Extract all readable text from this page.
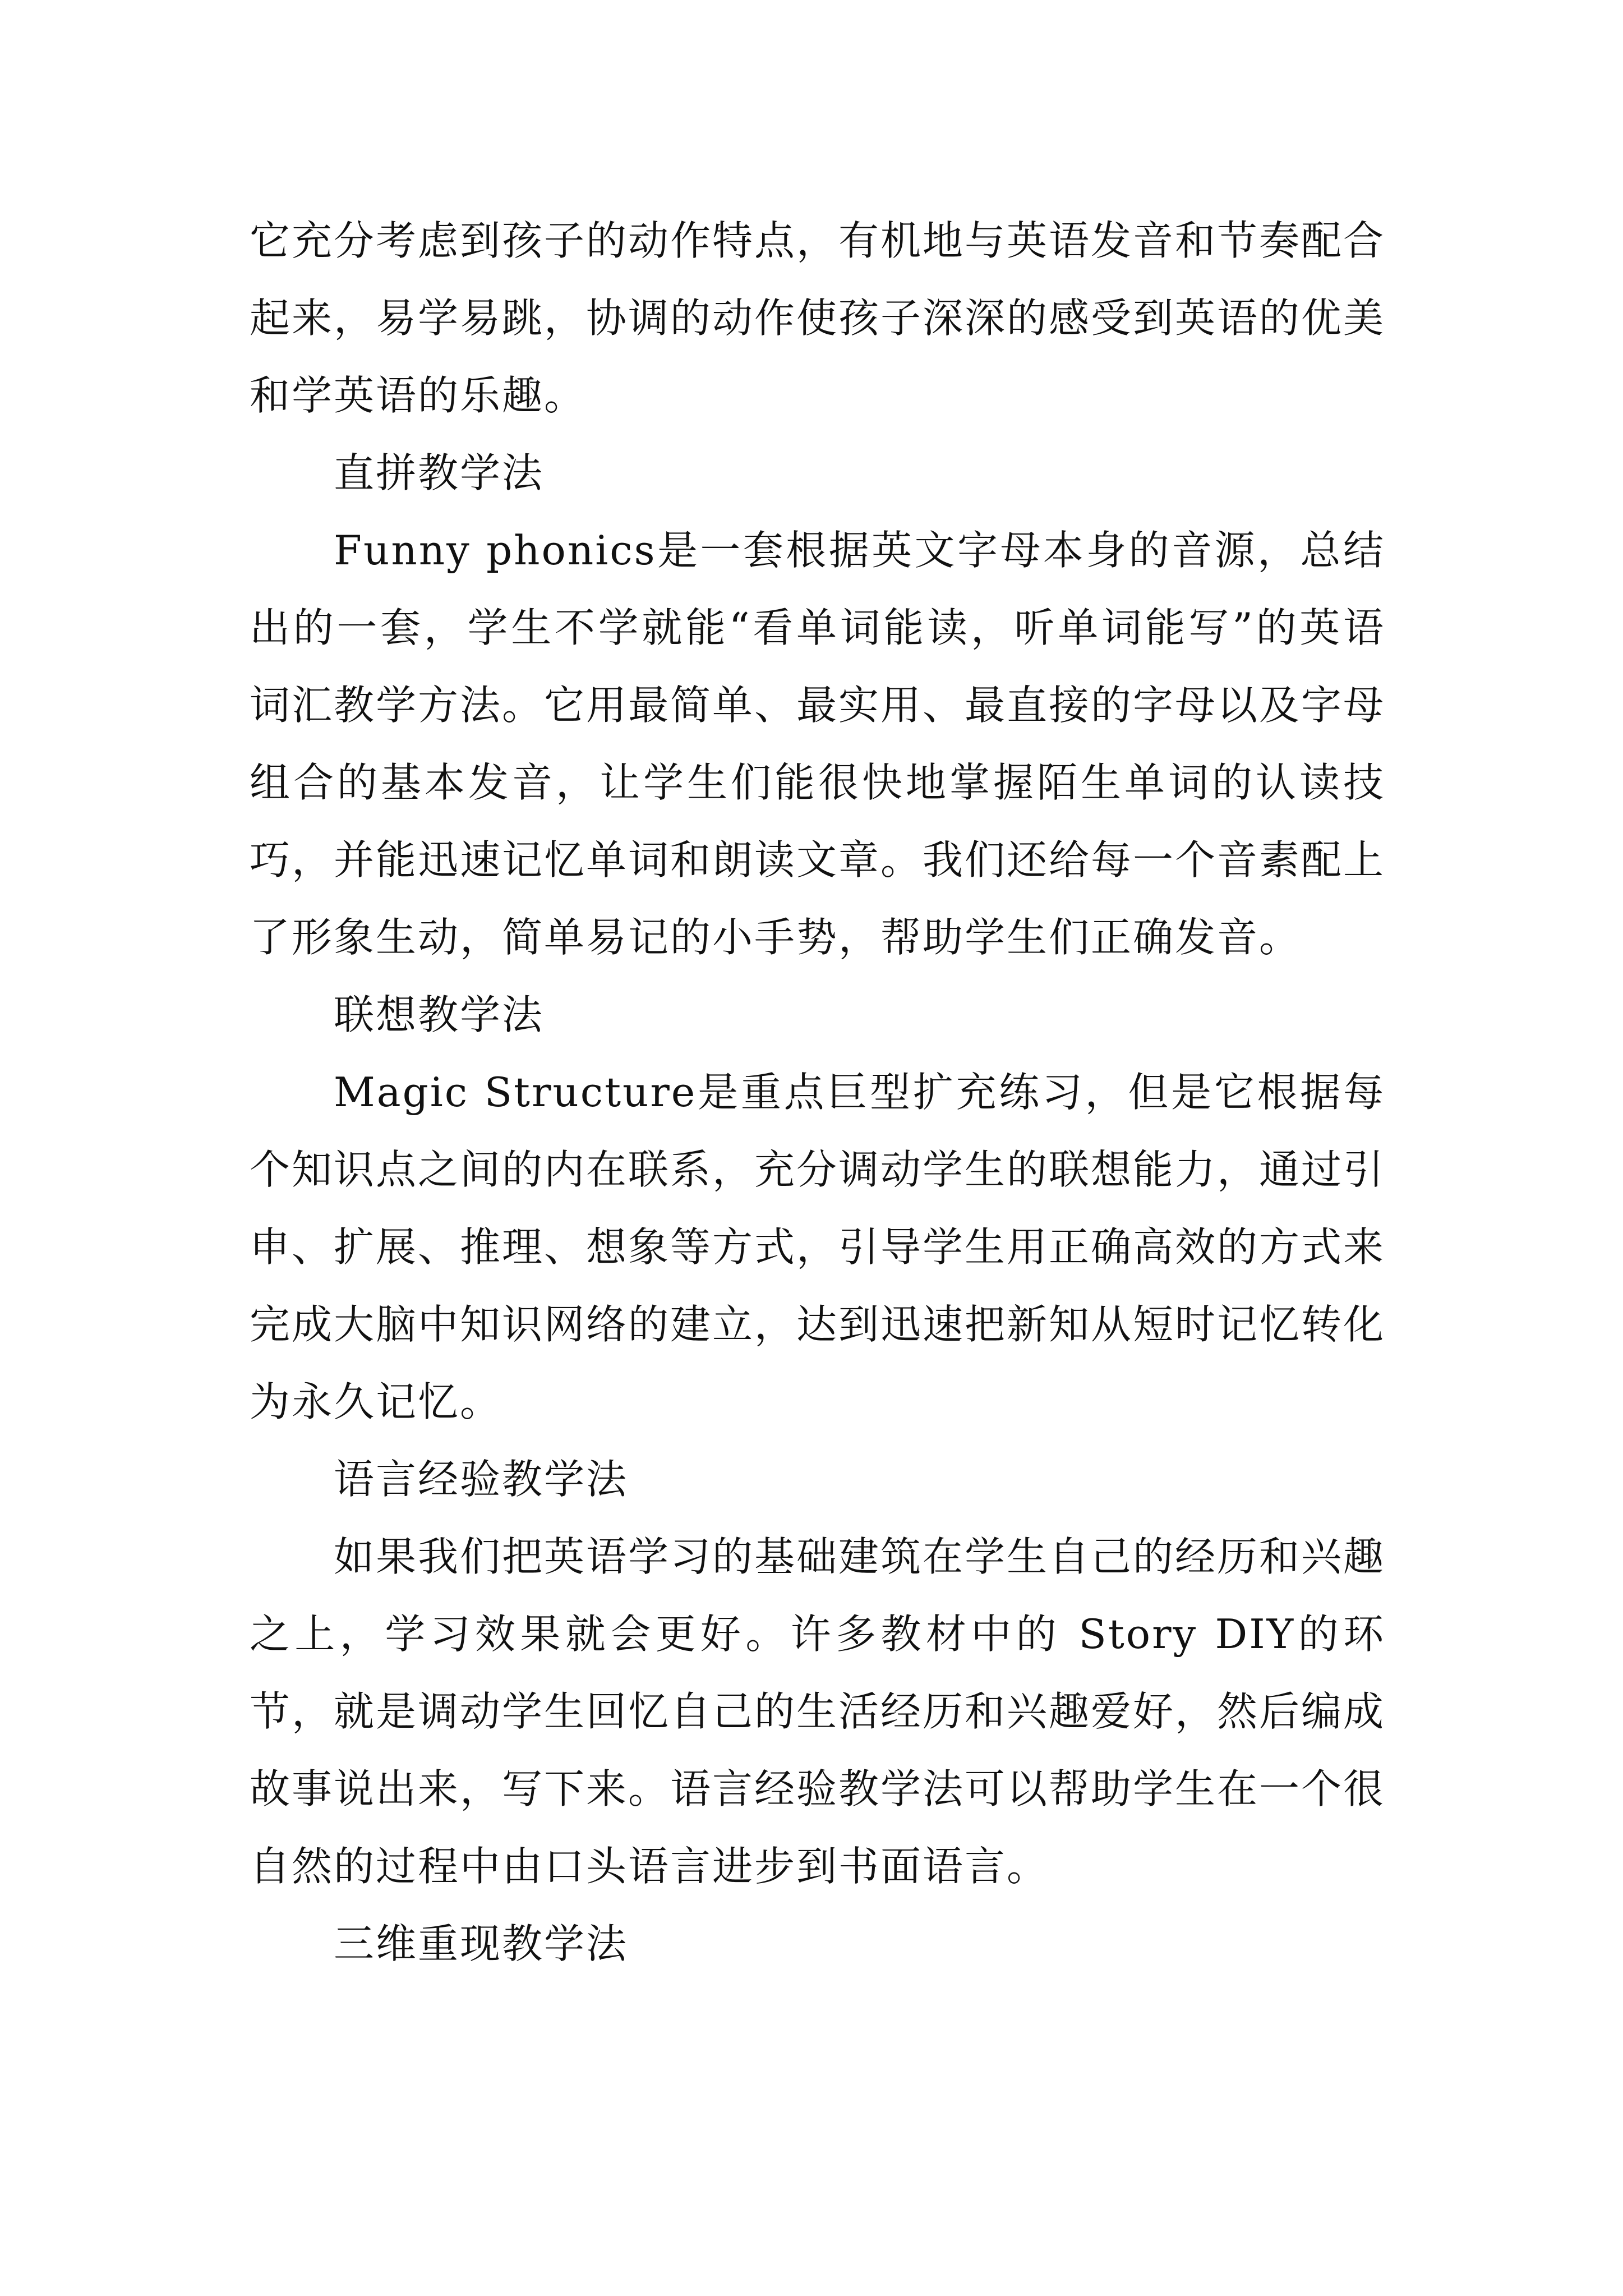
它充分考虑到孩子的动作特点，有机地与英语发音和节奏配合起来，易学易跳，协调的动作使孩子深深的感受到英语的优美和学英语的乐趣。

直拼教学法

Funny phonics是一套根据英文字母本身的音源，总结出的一套，学生不学就能“看单词能读，听单词能写”的英语词汇教学方法。它用最简单、最实用、最直接的字母以及字母组合的基本发音，让学生们能很快地掌握陌生单词的认读技巧，并能迅速记忆单词和朗读文章。我们还给每一个音素配上了形象生动，简单易记的小手势，帮助学生们正确发音。

联想教学法

Magic Structure是重点巨型扩充练习，但是它根据每个知识点之间的内在联系，充分调动学生的联想能力，通过引申、扩展、推理、想象等方式，引导学生用正确高效的方式来完成大脑中知识网络的建立，达到迅速把新知从短时记忆转化为永久记忆。

语言经验教学法

如果我们把英语学习的基础建筑在学生自己的经历和兴趣之上，学习效果就会更好。许多教材中的 Story DIY的环节，就是调动学生回忆自己的生活经历和兴趣爱好，然后编成故事说出来，写下来。语言经验教学法可以帮助学生在一个很自然的过程中由口头语言进步到书面语言。

三维重现教学法
